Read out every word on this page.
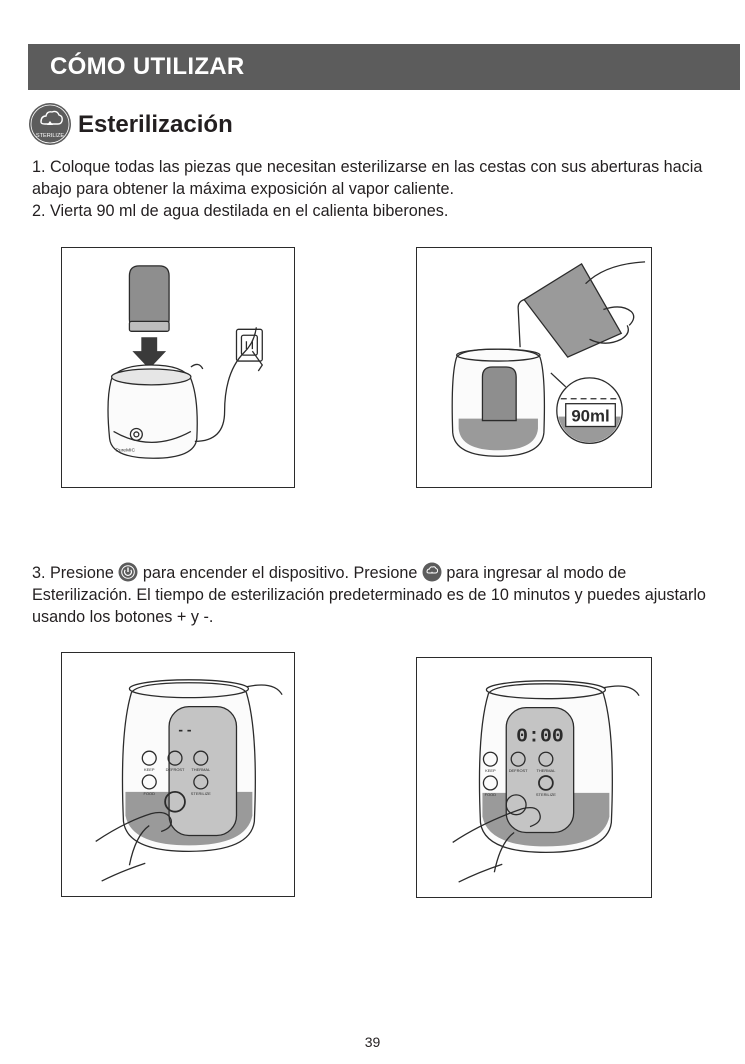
CÓMO UTILIZAR
STERILIZE Esterilización

1. Coloque todas las piezas que necesitan esterilizarse en las cestas con sus aberturas hacia abajo para obtener la máxima exposición al vapor caliente.

2. Vierta 90 ml de agua destilada en el calienta biberones.

3. Presione  para encender el dispositivo. Presione  para ingresar al modo de Esterilización. El tiempo de esterilización predeterminado es de 10 minutos y puedes ajustarlo usando los botones + y -.

PureMIC
90ml
- -
KEEP	DEFROST THERMAL
FOOD	STERILIZE
0:00
KEEP	DEFROST THERMAL
FOOD	STERILIZE
39
